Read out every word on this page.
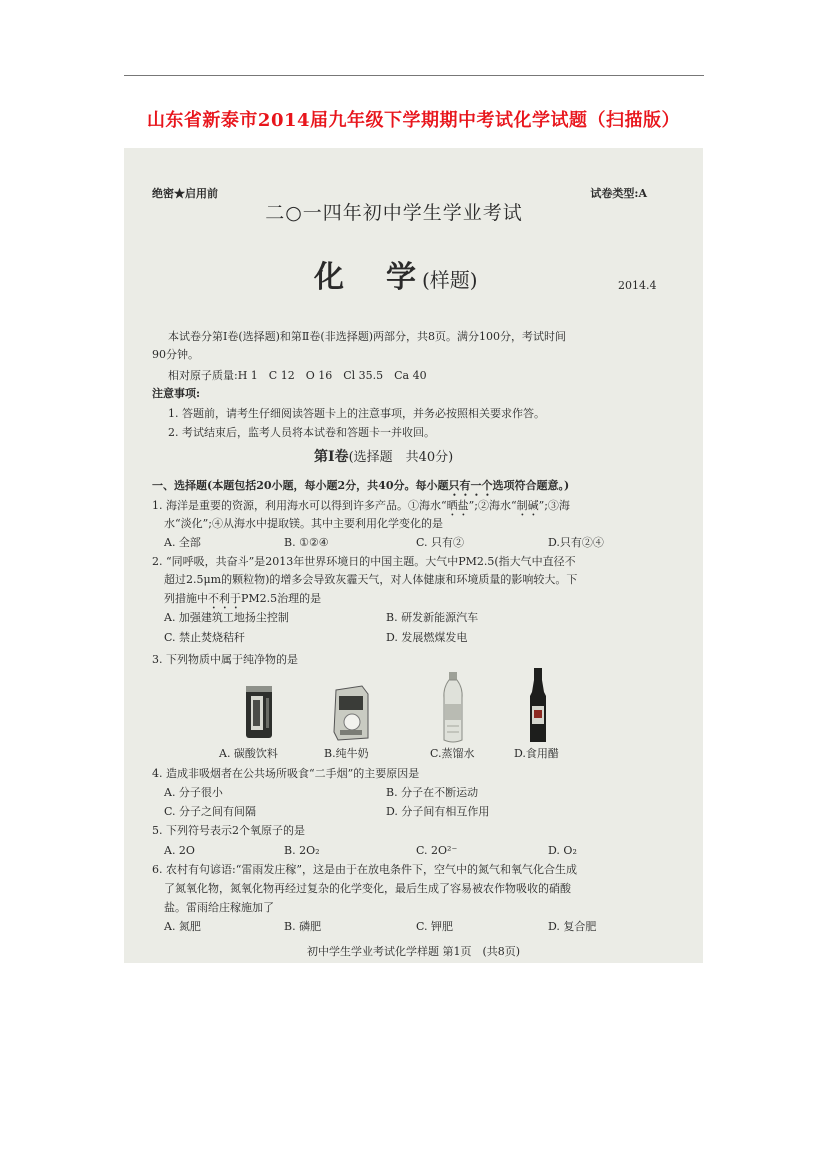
山东省新泰市2014届九年级下学期期中考试化学试题（扫描版）
绝密★启用前	试卷类型:A
二○一四年初中学生学业考试
化　学(样题)	2014.4
本试卷分第Ⅰ卷(选择题)和第Ⅱ卷(非选择题)两部分，共8页。满分100分，考试时间
90分钟。
相对原子质量:H 1　C 12　O 16　Cl 35.5　Ca 40
注意事项:
1. 答题前，请考生仔细阅读答题卡上的注意事项，并务必按照相关要求作答。
2. 考试结束后，监考人员将本试卷和答题卡一并收回。
第Ⅰ卷(选择题　共40分)
一、选择题(本题包括20小题，每小题2分，共40分。每小题只有一个选项符合题意。)
1. 海洋是重要的资源，利用海水可以得到许多产品。①海水“晒盐”;②海水“制碱”;③海
水“淡化”;④从海水中提取镁。其中主要利用化学变化的是
A. 全部	B. ①②④	C. 只有②	D.只有②④
2. “同呼吸，共奋斗”是2013年世界环境日的中国主题。大气中PM2.5(指大气中直径不
超过2.5μm的颗粒物)的增多会导致灰霾天气，对人体健康和环境质量的影响较大。下
列措施中不利于PM2.5治理的是
A. 加强建筑工地扬尘控制	B. 研发新能源汽车
C. 禁止焚烧秸秆	D. 发展燃煤发电
3. 下列物质中属于纯净物的是
A. 碳酸饮料	B.纯牛奶	C.蒸馏水	D.食用醋
4. 造成非吸烟者在公共场所吸食“二手烟”的主要原因是
A. 分子很小	B. 分子在不断运动
C. 分子之间有间隔	D. 分子间有相互作用
5. 下列符号表示2个氧原子的是
A. 2O	B. 2O₂	C. 2O²⁻	D. O₂
6. 农村有句谚语:“雷雨发庄稼”，这是由于在放电条件下，空气中的氮气和氧气化合生成
了氮氧化物，氮氧化物再经过复杂的化学变化，最后生成了容易被农作物吸收的硝酸
盐。雷雨给庄稼施加了
A. 氮肥	B. 磷肥	C. 钾肥	D. 复合肥
初中学生学业考试化学样题 第1页　(共8页)
